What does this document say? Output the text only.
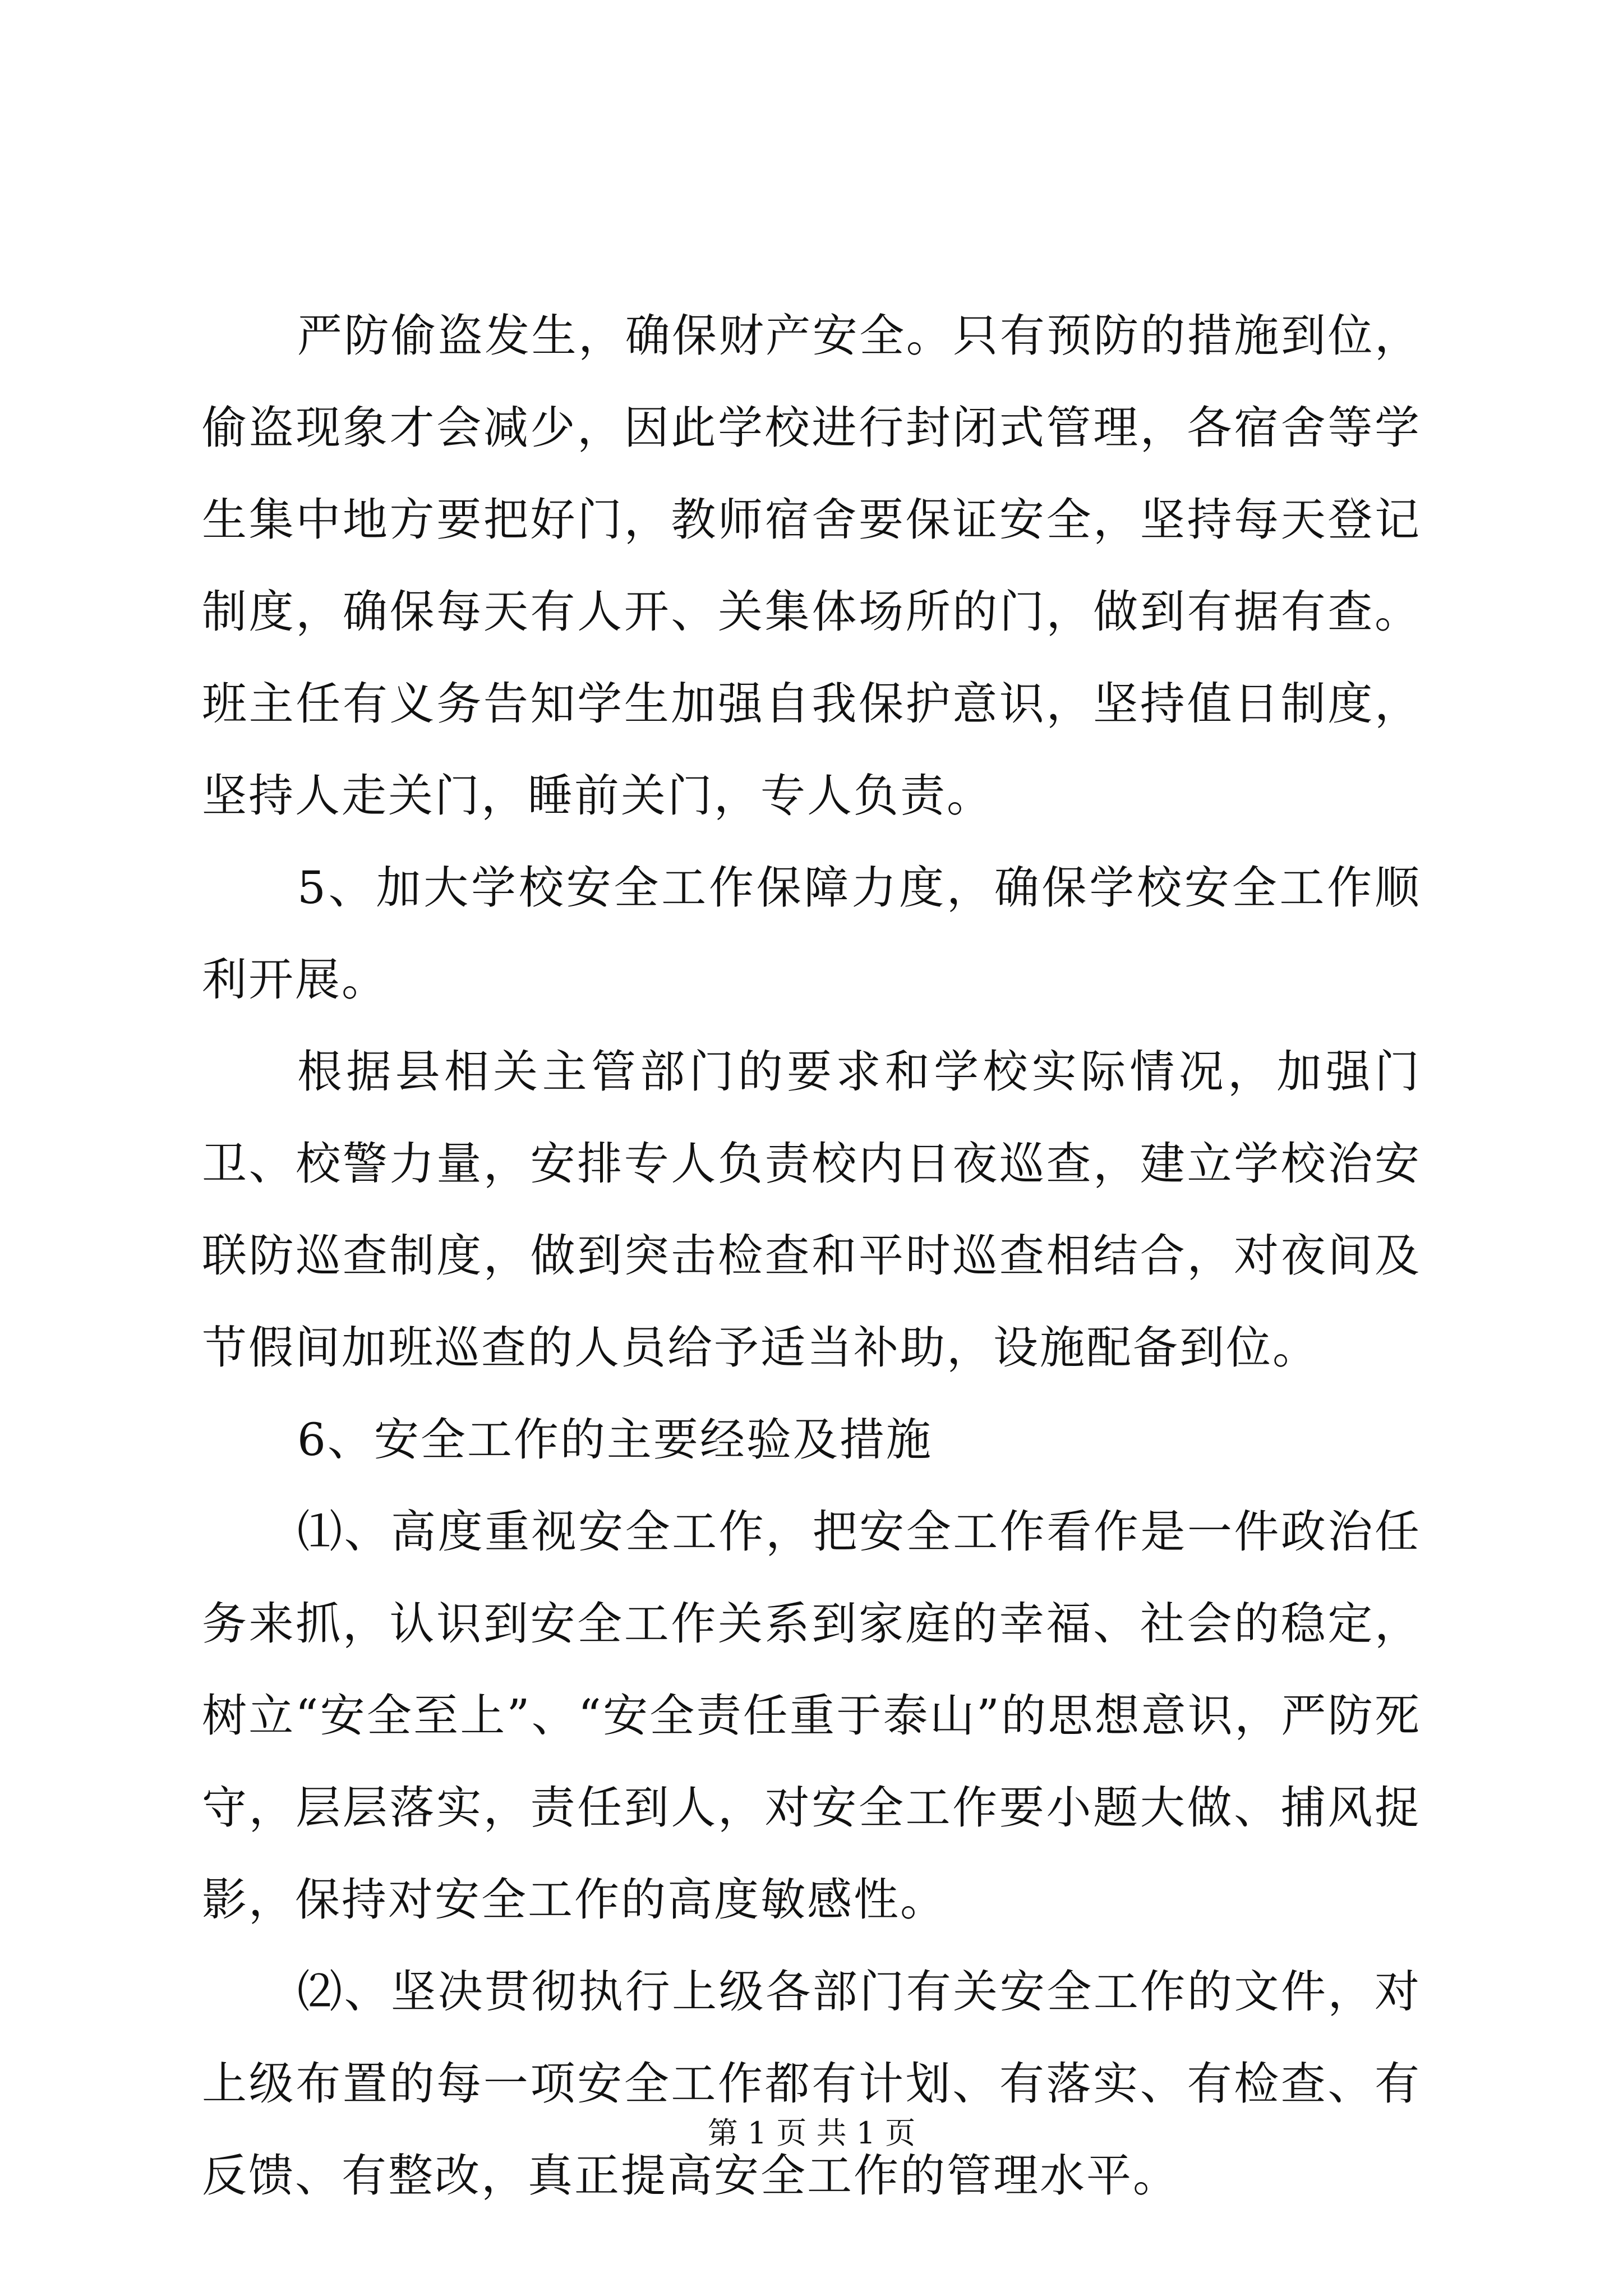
严防偷盗发生，确保财产安全。只有预防的措施到位，偷盗现象才会减少，因此学校进行封闭式管理，各宿舍等学生集中地方要把好门，教师宿舍要保证安全，坚持每天登记制度，确保每天有人开、关集体场所的门，做到有据有查。班主任有义务告知学生加强自我保护意识，坚持值日制度，坚持人走关门，睡前关门，专人负责。

5、加大学校安全工作保障力度，确保学校安全工作顺利开展。

根据县相关主管部门的要求和学校实际情况，加强门卫、校警力量，安排专人负责校内日夜巡查，建立学校治安联防巡查制度，做到突击检查和平时巡查相结合，对夜间及节假间加班巡查的人员给予适当补助，设施配备到位。

6、安全工作的主要经验及措施

⑴、高度重视安全工作，把安全工作看作是一件政治任务来抓，认识到安全工作关系到家庭的幸福、社会的稳定，树立“安全至上”、“安全责任重于泰山”的思想意识，严防死守，层层落实，责任到人，对安全工作要小题大做、捕风捉影，保持对安全工作的高度敏感性。

⑵、坚决贯彻执行上级各部门有关安全工作的文件，对上级布置的每一项安全工作都有计划、有落实、有检查、有反馈、有整改，真正提高安全工作的管理水平。

第 1 页 共 1 页
